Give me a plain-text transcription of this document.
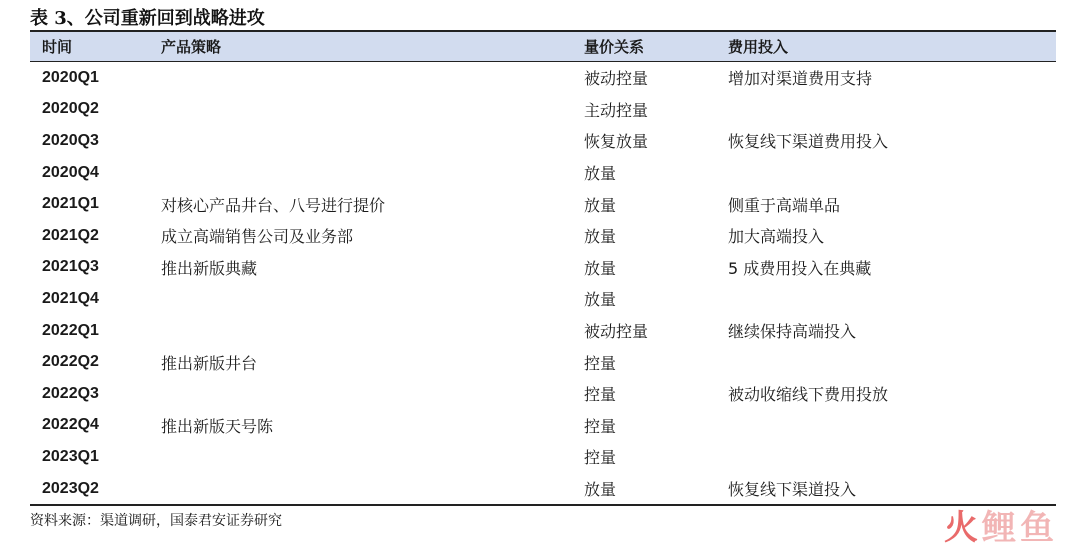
表 3、公司重新回到战略进攻
时间	产品策略	量价关系	费用投入
2020Q1		被动控量	增加对渠道费用支持
2020Q2		主动控量	
2020Q3		恢复放量	恢复线下渠道费用投入
2020Q4		放量	
2021Q1	对核心产品井台、八号进行提价	放量	侧重于高端单品
2021Q2	成立高端销售公司及业务部	放量	加大高端投入
2021Q3	推出新版典藏	放量	5 成费用投入在典藏
2021Q4		放量	
2022Q1		被动控量	继续保持高端投入
2022Q2	推出新版井台	控量	
2022Q3		控量	被动收缩线下费用投放
2022Q4	推出新版天号陈	控量	
2023Q1		控量	
2023Q2		放量	恢复线下渠道投入
资料来源：渠道调研，国泰君安证券研究	火鲤鱼
